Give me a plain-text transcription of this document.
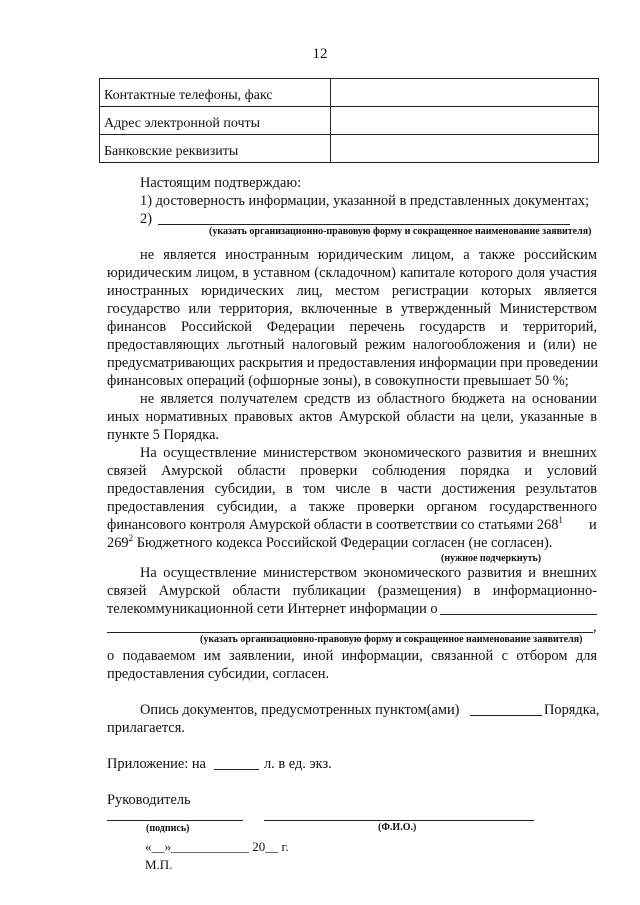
12
Контактные телефоны, факс	
Адрес электронной почты	
Банковские реквизиты	
Настоящим подтверждаю:
1) достоверность информации, указанной в представленных документах;
2)
(указать организационно-правовую форму и сокращенное наименование заявителя)
не является иностранным юридическим лицом, а также российским
юридическим лицом, в уставном (складочном) капитале которого доля участия
иностранных юридических лиц, местом регистрации которых является
государство или территория, включенные в утвержденный Министерством
финансов Российской Федерации перечень государств и территорий,
предоставляющих льготный налоговый режим налогообложения и (или) не
предусматривающих раскрытия и предоставления информации при проведении
финансовых операций (офшорные зоны), в совокупности превышает 50 %;
не является получателем средств из областного бюджета на основании
иных нормативных правовых актов Амурской области на цели, указанные в
пункте 5 Порядка.
На осуществление министерством экономического развития и внешних
связей Амурской области проверки соблюдения порядка и условий
предоставления субсидии, в том числе в части достижения результатов
предоставления субсидии, а также проверки органом государственного
финансового контроля Амурской области в соответствии со статьями $268^1$ и
$269^2$ Бюджетного кодекса Российской Федерации согласен (не согласен).
(нужное подчеркнуть)
На осуществление министерством экономического развития и внешних
связей Амурской области публикации (размещения) в информационно-
телекоммуникационной сети Интернет информации о
,
(указать организационно-правовую форму и сокращенное наименование заявителя)
о подаваемом им заявлении, иной информации, связанной с отбором для
предоставления субсидии, согласен.
Опись документов, предусмотренных пунктом(ами)	Порядка,
прилагается.
Приложение: на	л. в ед. экз.
Руководитель
(подпись)	(Ф.И.О.)
«__»____________ 20__ г.
М.П.
